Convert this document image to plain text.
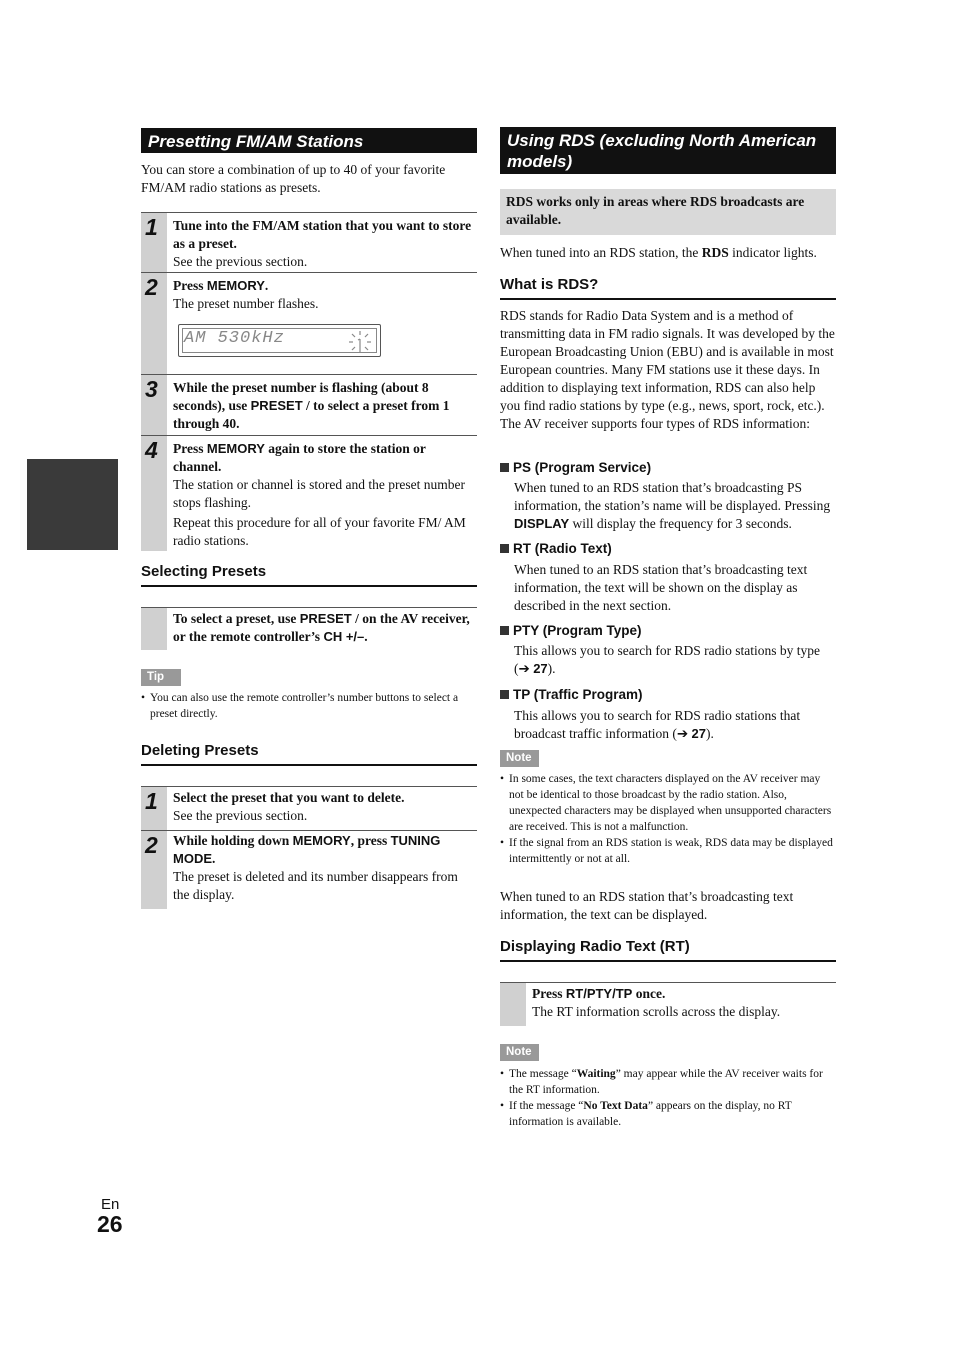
Presetting FM/AM Stations
You can store a combination of up to 40 of your favorite FM/AM radio stations as presets.
1 Tune into the FM/AM station that you want to store as a preset.
See the previous section.
2 Press MEMORY.
The preset number flashes.
AM 530kHz
3 While the preset number is flashing (about 8 seconds), use PRESET / to select a preset from 1 through 40.
4 Press MEMORY again to store the station or channel.
The station or channel is stored and the preset number stops flashing.
Repeat this procedure for all of your favorite FM/ AM radio stations.
Selecting Presets
To select a preset, use PRESET / on the AV receiver, or the remote controller’s CH +/–.
Tip
• You can also use the remote controller’s number buttons to select a preset directly.
Deleting Presets
1 Select the preset that you want to delete.
See the previous section.
2 While holding down MEMORY, press TUNING MODE.
The preset is deleted and its number disappears from the display.
Using RDS (excluding North American models)
RDS works only in areas where RDS broadcasts are available.
When tuned into an RDS station, the RDS indicator lights.
What is RDS?
RDS stands for Radio Data System and is a method of transmitting data in FM radio signals. It was developed by the European Broadcasting Union (EBU) and is available in most European countries. Many FM stations use it these days. In addition to displaying text information, RDS can also help you find radio stations by type (e.g., news, sport, rock, etc.).
The AV receiver supports four types of RDS information:
PS (Program Service)
When tuned to an RDS station that’s broadcasting PS information, the station’s name will be displayed. Pressing DISPLAY will display the frequency for 3 seconds.
RT (Radio Text)
When tuned to an RDS station that’s broadcasting text information, the text will be shown on the display as described in the next section.
PTY (Program Type)
This allows you to search for RDS radio stations by type (➔ 27).
TP (Traffic Program)
This allows you to search for RDS radio stations that broadcast traffic information (➔ 27).
Note
• In some cases, the text characters displayed on the AV receiver may not be identical to those broadcast by the radio station. Also, unexpected characters may be displayed when unsupported characters are received. This is not a malfunction.
• If the signal from an RDS station is weak, RDS data may be displayed intermittently or not at all.
When tuned to an RDS station that’s broadcasting text information, the text can be displayed.
Displaying Radio Text (RT)
Press RT/PTY/TP once.
The RT information scrolls across the display.
Note
• The message “Waiting” may appear while the AV receiver waits for the RT information.
• If the message “No Text Data” appears on the display, no RT information is available.
En
26
